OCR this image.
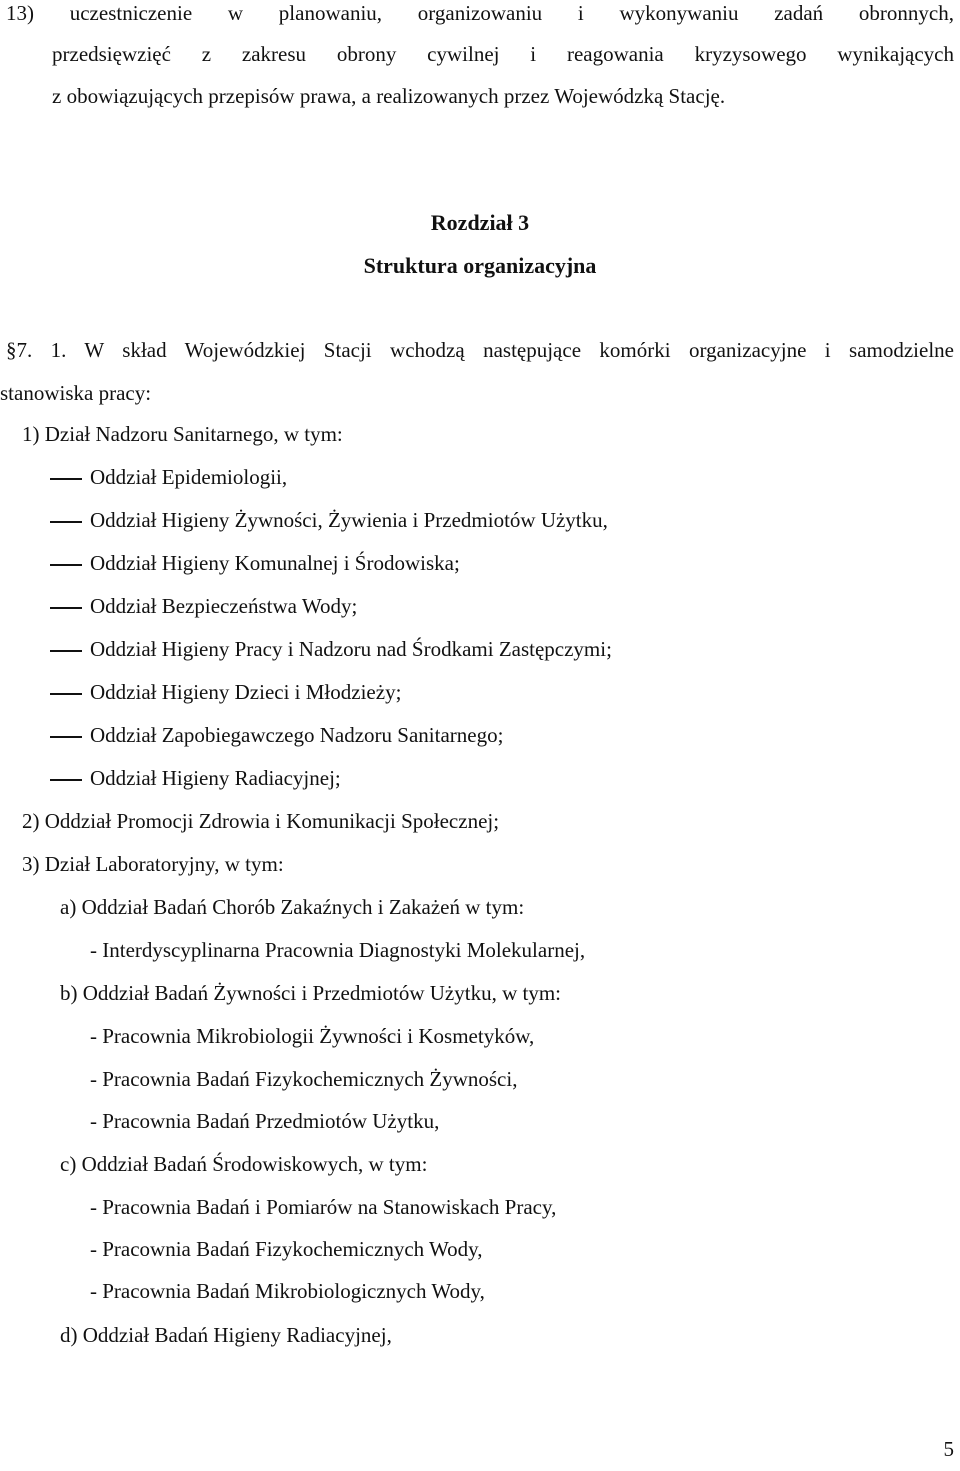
13) uczestniczenie w planowaniu, organizowaniu i wykonywaniu zadań obronnych,
przedsięwzięć z zakresu obrony cywilnej i reagowania kryzysowego wynikających
z obowiązujących przepisów prawa, a realizowanych przez Wojewódzką Stację.
Rozdział 3
Struktura organizacyjna
§7. 1. W skład Wojewódzkiej Stacji wchodzą następujące komórki organizacyjne i samodzielne
stanowiska pracy:
1) Dział Nadzoru Sanitarnego, w tym:
Oddział Epidemiologii,
Oddział Higieny Żywności, Żywienia i Przedmiotów Użytku,
Oddział Higieny Komunalnej i Środowiska;
Oddział Bezpieczeństwa Wody;
Oddział Higieny Pracy i Nadzoru nad Środkami Zastępczymi;
Oddział Higieny Dzieci i Młodzieży;
Oddział Zapobiegawczego Nadzoru Sanitarnego;
Oddział Higieny Radiacyjnej;
2) Oddział Promocji Zdrowia i Komunikacji Społecznej;
3) Dział Laboratoryjny, w tym:
a) Oddział Badań Chorób Zakaźnych i Zakażeń w tym:
- Interdyscyplinarna Pracownia Diagnostyki Molekularnej,
b) Oddział Badań Żywności i Przedmiotów Użytku, w tym:
- Pracownia Mikrobiologii Żywności i Kosmetyków,
- Pracownia Badań Fizykochemicznych Żywności,
- Pracownia Badań Przedmiotów Użytku,
c) Oddział Badań Środowiskowych, w tym:
- Pracownia Badań i Pomiarów na Stanowiskach Pracy,
- Pracownia Badań Fizykochemicznych Wody,
- Pracownia Badań Mikrobiologicznych Wody,
d) Oddział Badań Higieny Radiacyjnej,
5
